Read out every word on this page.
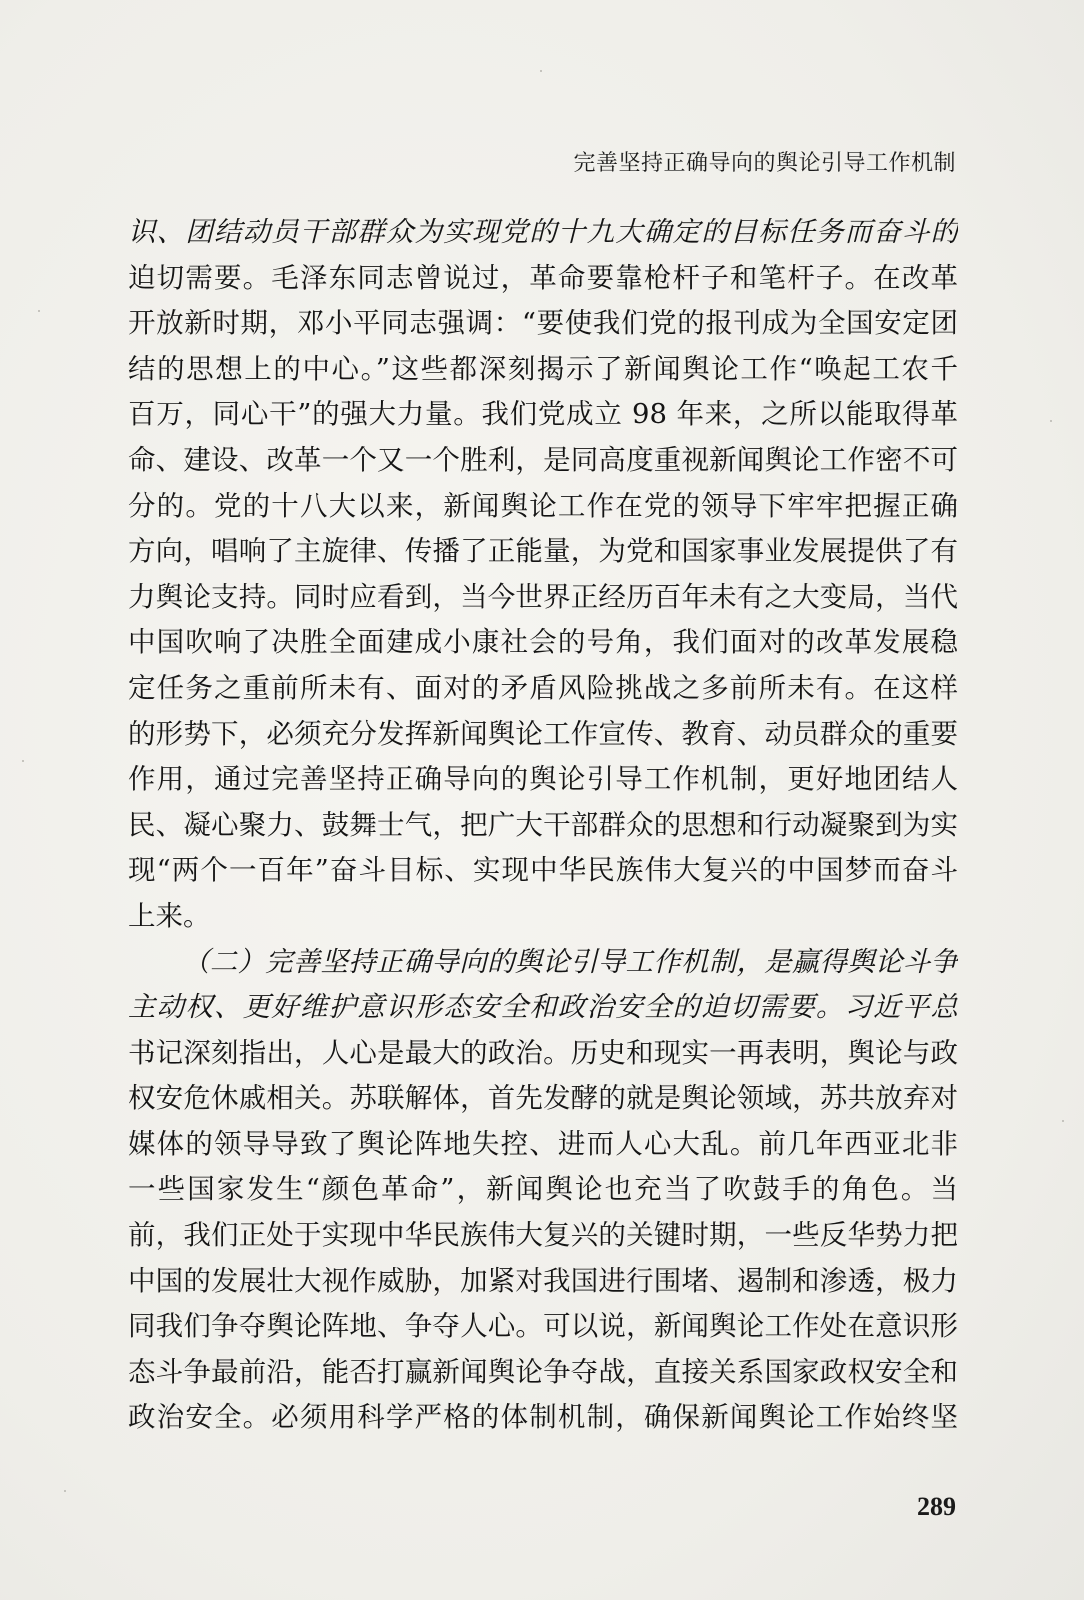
完善坚持正确导向的舆论引导工作机制
识、团结动员干部群众为实现党的十九大确定的目标任务而奋斗的
迫切需要。毛泽东同志曾说过，革命要靠枪杆子和笔杆子。在改革
开放新时期，邓小平同志强调：“要使我们党的报刊成为全国安定团
结的思想上的中心。”这些都深刻揭示了新闻舆论工作“唤起工农千
百万，同心干”的强大力量。我们党成立 98 年来，之所以能取得革
命、建设、改革一个又一个胜利，是同高度重视新闻舆论工作密不可
分的。党的十八大以来，新闻舆论工作在党的领导下牢牢把握正确
方向，唱响了主旋律、传播了正能量，为党和国家事业发展提供了有
力舆论支持。同时应看到，当今世界正经历百年未有之大变局，当代
中国吹响了决胜全面建成小康社会的号角，我们面对的改革发展稳
定任务之重前所未有、面对的矛盾风险挑战之多前所未有。在这样
的形势下，必须充分发挥新闻舆论工作宣传、教育、动员群众的重要
作用，通过完善坚持正确导向的舆论引导工作机制，更好地团结人
民、凝心聚力、鼓舞士气，把广大干部群众的思想和行动凝聚到为实
现“两个一百年”奋斗目标、实现中华民族伟大复兴的中国梦而奋斗
上来。
（二）完善坚持正确导向的舆论引导工作机制，是赢得舆论斗争
主动权、更好维护意识形态安全和政治安全的迫切需要。习近平总
书记深刻指出，人心是最大的政治。历史和现实一再表明，舆论与政
权安危休戚相关。苏联解体，首先发酵的就是舆论领域，苏共放弃对
媒体的领导导致了舆论阵地失控、进而人心大乱。前几年西亚北非
一些国家发生“颜色革命”，新闻舆论也充当了吹鼓手的角色。当
前，我们正处于实现中华民族伟大复兴的关键时期，一些反华势力把
中国的发展壮大视作威胁，加紧对我国进行围堵、遏制和渗透，极力
同我们争夺舆论阵地、争夺人心。可以说，新闻舆论工作处在意识形
态斗争最前沿，能否打赢新闻舆论争夺战，直接关系国家政权安全和
政治安全。必须用科学严格的体制机制，确保新闻舆论工作始终坚
289
